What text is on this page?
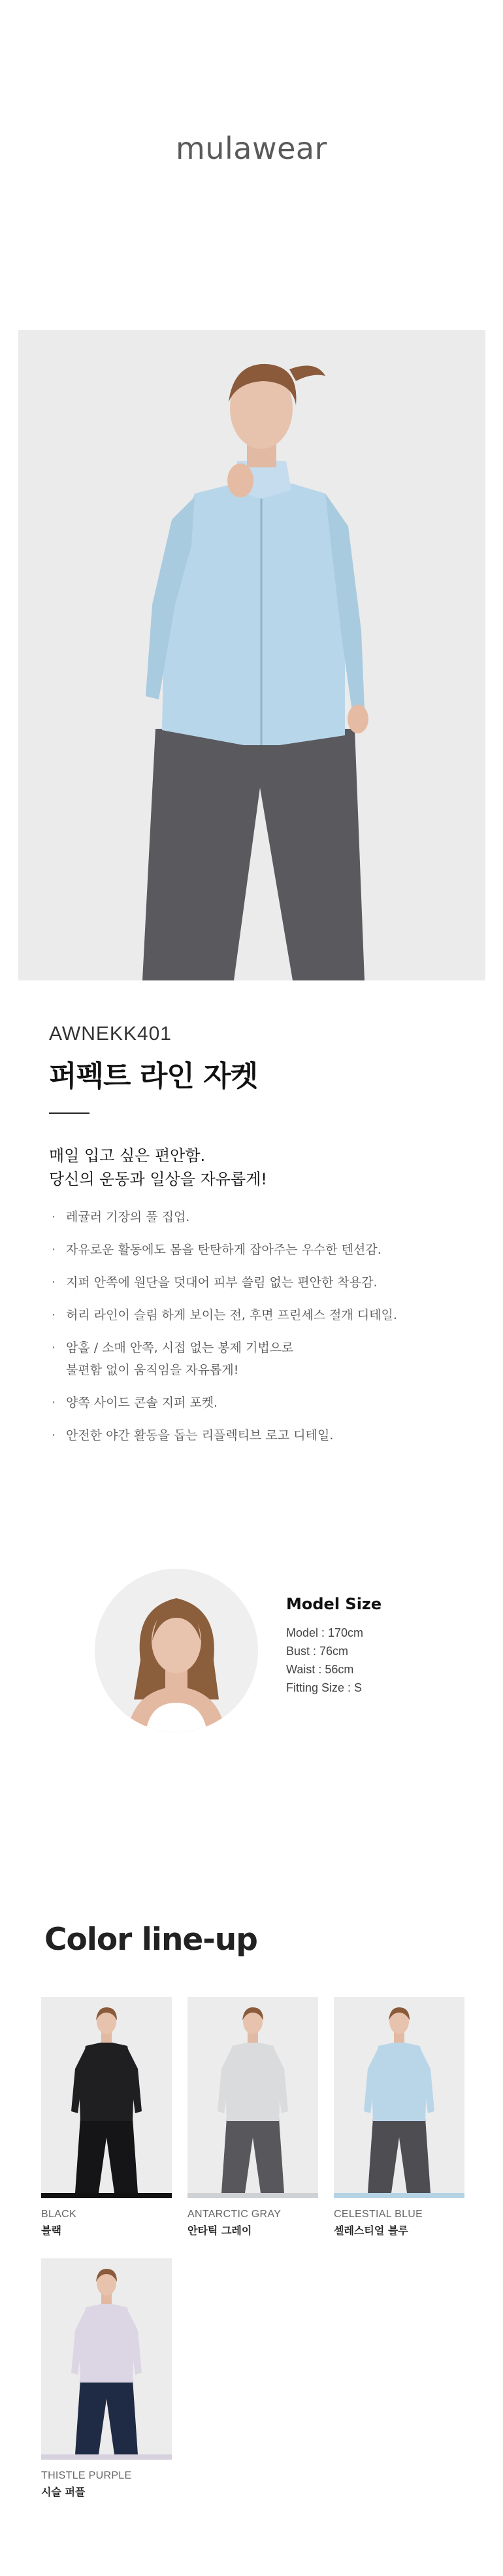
mulawear
AWNEKK401
퍼펙트 라인 자켓
매일 입고 싶은 편안함.
당신의 운동과 일상을 자유롭게!
· 레귤러 기장의 풀 집업.
· 자유로운 활동에도 몸을 탄탄하게 잡아주는 우수한 텐션감.
· 지퍼 안쪽에 원단을 덧대어 피부 쓸림 없는 편안한 착용감.
· 허리 라인이 슬림 하게 보이는 전, 후면 프린세스 절개 디테일.
· 암홀 / 소매 안쪽, 시접 없는 봉제 기법으로
불편함 없이 움직임을 자유롭게!
· 양쪽 사이드 콘솔 지퍼 포켓.
· 안전한 야간 활동을 돕는 리플렉티브 로고 디테일.
Model Size

Model : 170cm

Bust : 76cm

Waist : 56cm

Fitting Size : S

Color line-up
BLACK
블랙
ANTARCTIC GRAY
안타틱 그레이
CELESTIAL BLUE
셀레스티얼 블루
THISTLE PURPLE
시슬 퍼플
